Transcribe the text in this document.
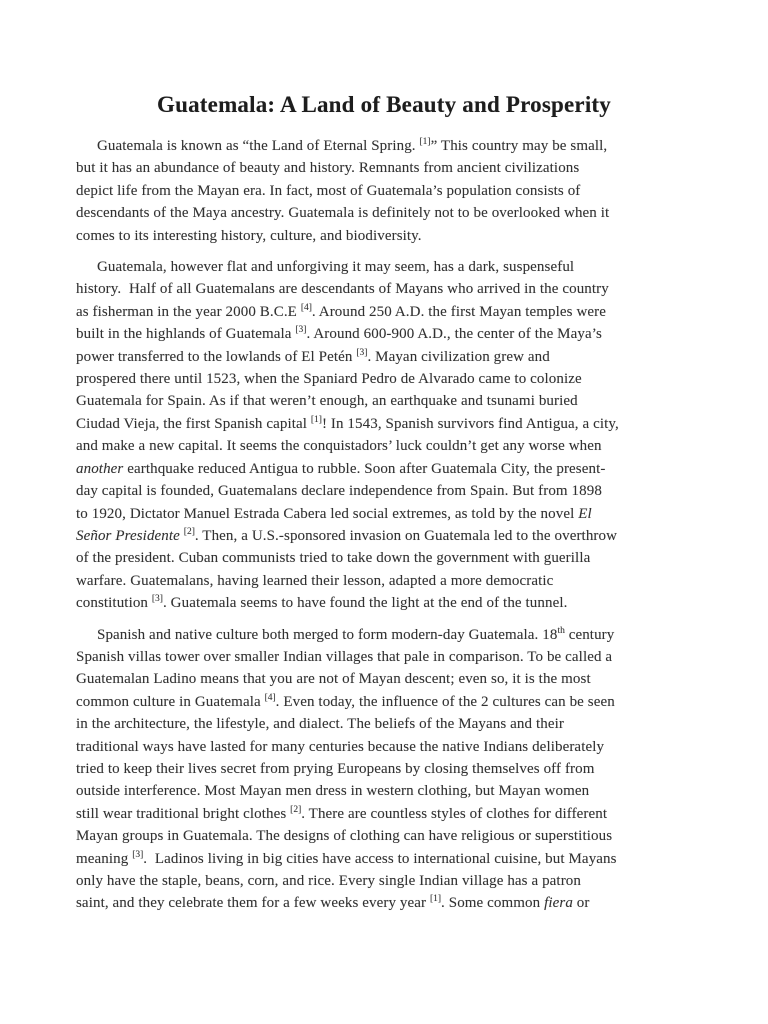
Guatemala: A Land of Beauty and Prosperity

Guatemala is known as “the Land of Eternal Spring. [1]” This country may be small,
but it has an abundance of beauty and history. Remnants from ancient civilizations
depict life from the Mayan era. In fact, most of Guatemala’s population consists of
descendants of the Maya ancestry. Guatemala is definitely not to be overlooked when it
comes to its interesting history, culture, and biodiversity.

Guatemala, however flat and unforgiving it may seem, has a dark, suspenseful
history.  Half of all Guatemalans are descendants of Mayans who arrived in the country
as fisherman in the year 2000 B.C.E [4]. Around 250 A.D. the first Mayan temples were
built in the highlands of Guatemala [3]. Around 600-900 A.D., the center of the Maya’s
power transferred to the lowlands of El Petén [3]. Mayan civilization grew and
prospered there until 1523, when the Spaniard Pedro de Alvarado came to colonize
Guatemala for Spain. As if that weren’t enough, an earthquake and tsunami buried
Ciudad Vieja, the first Spanish capital [1]! In 1543, Spanish survivors find Antigua, a city,
and make a new capital. It seems the conquistadors’ luck couldn’t get any worse when
another earthquake reduced Antigua to rubble. Soon after Guatemala City, the present-
day capital is founded, Guatemalans declare independence from Spain. But from 1898
to 1920, Dictator Manuel Estrada Cabera led social extremes, as told by the novel El
Señor Presidente [2]. Then, a U.S.-sponsored invasion on Guatemala led to the overthrow
of the president. Cuban communists tried to take down the government with guerilla
warfare. Guatemalans, having learned their lesson, adapted a more democratic
constitution [3]. Guatemala seems to have found the light at the end of the tunnel.

Spanish and native culture both merged to form modern-day Guatemala. 18th century
Spanish villas tower over smaller Indian villages that pale in comparison. To be called a
Guatemalan Ladino means that you are not of Mayan descent; even so, it is the most
common culture in Guatemala [4]. Even today, the influence of the 2 cultures can be seen
in the architecture, the lifestyle, and dialect. The beliefs of the Mayans and their
traditional ways have lasted for many centuries because the native Indians deliberately
tried to keep their lives secret from prying Europeans by closing themselves off from
outside interference. Most Mayan men dress in western clothing, but Mayan women
still wear traditional bright clothes [2]. There are countless styles of clothes for different
Mayan groups in Guatemala. The designs of clothing can have religious or superstitious
meaning [3].  Ladinos living in big cities have access to international cuisine, but Mayans
only have the staple, beans, corn, and rice. Every single Indian village has a patron
saint, and they celebrate them for a few weeks every year [1]. Some common fiera or
